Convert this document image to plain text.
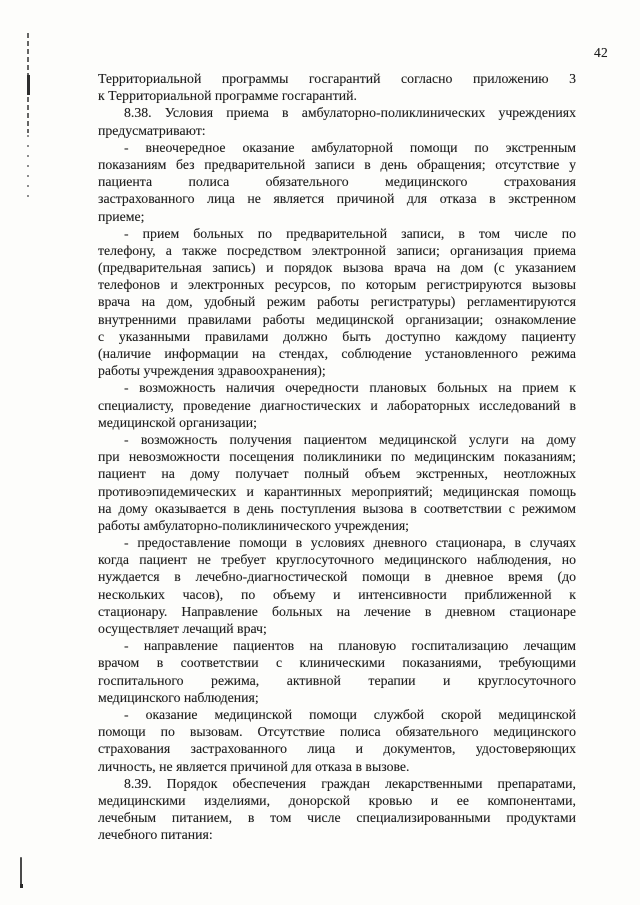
42
Территориальной программы госгарантий согласно приложению 3
к Территориальной программе госгарантий.
8.38. Условия приема в амбулаторно-поликлинических учреждениях
предусматривают:
- внеочередное оказание амбулаторной помощи по экстренным
показаниям без предварительной записи в день обращения; отсутствие у
пациента полиса обязательного медицинского страхования
застрахованного лица не является причиной для отказа в экстренном
приеме;
- прием больных по предварительной записи, в том числе по
телефону, а также посредством электронной записи; организация приема
(предварительная запись) и порядок вызова врача на дом (с указанием
телефонов и электронных ресурсов, по которым регистрируются вызовы
врача на дом, удобный режим работы регистратуры) регламентируются
внутренними правилами работы медицинской организации; ознакомление
с указанными правилами должно быть доступно каждому пациенту
(наличие информации на стендах, соблюдение установленного режима
работы учреждения здравоохранения);
- возможность наличия очередности плановых больных на прием к
специалисту, проведение диагностических и лабораторных исследований в
медицинской организации;
- возможность получения пациентом медицинской услуги на дому
при невозможности посещения поликлиники по медицинским показаниям;
пациент на дому получает полный объем экстренных, неотложных
противоэпидемических и карантинных мероприятий; медицинская помощь
на дому оказывается в день поступления вызова в соответствии с режимом
работы амбулаторно-поликлинического учреждения;
- предоставление помощи в условиях дневного стационара, в случаях
когда пациент не требует круглосуточного медицинского наблюдения, но
нуждается в лечебно-диагностической помощи в дневное время (до
нескольких часов), по объему и интенсивности приближенной к
стационару. Направление больных на лечение в дневном стационаре
осуществляет лечащий врач;
- направление пациентов на плановую госпитализацию лечащим
врачом в соответствии с клиническими показаниями, требующими
госпитального режима, активной терапии и круглосуточного
медицинского наблюдения;
- оказание медицинской помощи службой скорой медицинской
помощи по вызовам. Отсутствие полиса обязательного медицинского
страхования застрахованного лица и документов, удостоверяющих
личность, не является причиной для отказа в вызове.
8.39. Порядок обеспечения граждан лекарственными препаратами,
медицинскими изделиями, донорской кровью и ее компонентами,
лечебным питанием, в том числе специализированными продуктами
лечебного питания:
